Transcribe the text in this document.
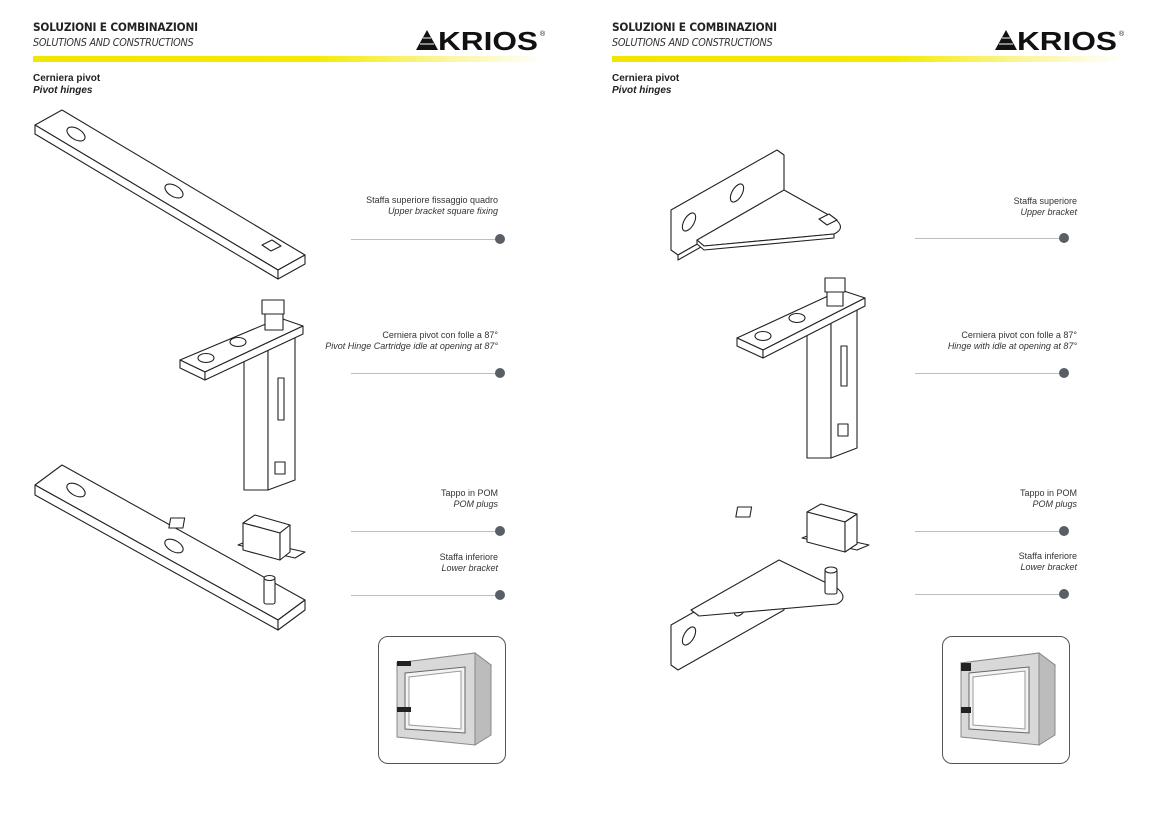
SOLUZIONI E COMBINAZIONI
SOLUTIONS AND CONSTRUCTIONS	KRIOS ®
Cerniera pivot
Pivot hinges
Staffa superiore fissaggio quadro
Upper bracket square fixing
Cerniera pivot con folle a 87°
Pivot Hinge Cartridge idle at opening at 87°
Tappo in POM
POM plugs
Staffa inferiore
Lower bracket
SOLUZIONI E COMBINAZIONI
SOLUTIONS AND CONSTRUCTIONS	KRIOS ®
Cerniera pivot
Pivot hinges
Staffa superiore
Upper bracket
Cerniera pivot con folle a 87°
Hinge with idle at opening at 87°
Tappo in POM
POM plugs
Staffa inferiore
Lower bracket
